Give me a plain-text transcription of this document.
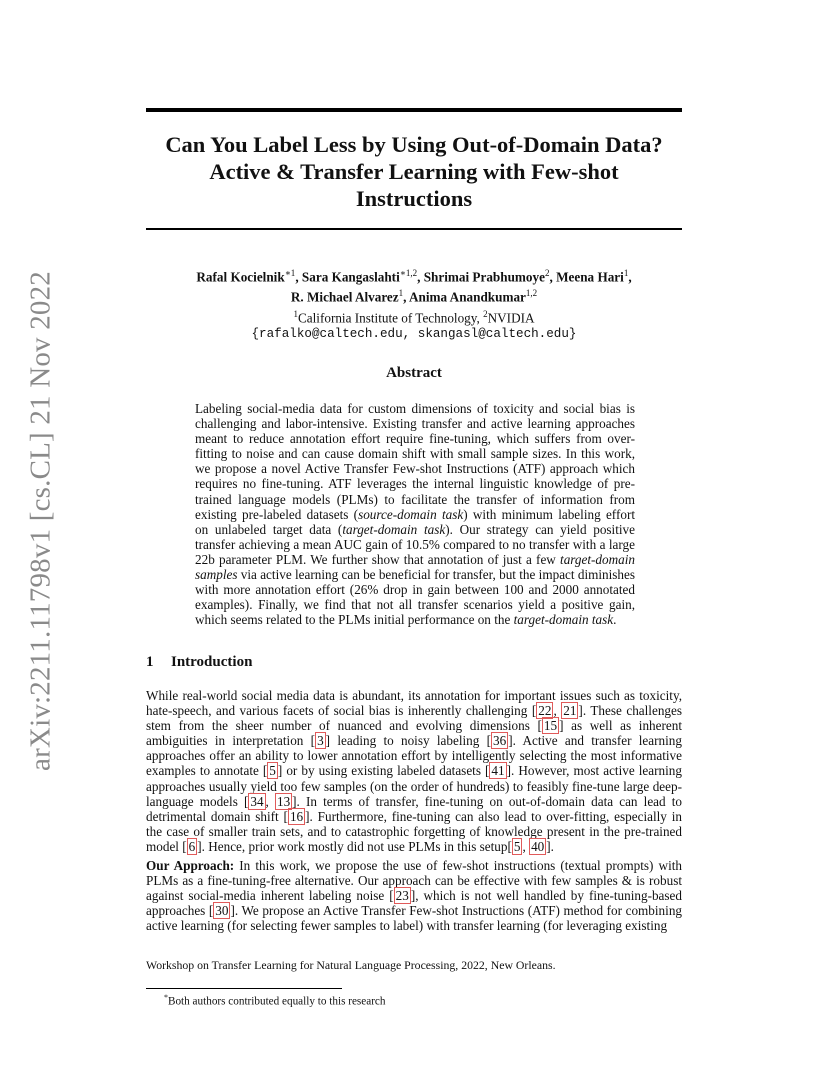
arXiv:2211.11798v1 [cs.CL] 21 Nov 2022
Can You Label Less by Using Out-of-Domain Data?
Active & Transfer Learning with Few-shot
Instructions
Rafal Kocielnik$^{∗1}$, Sara Kangaslahti$^{∗1,2}$, Shrimai Prabhumoye$^2$, Meena Hari$^1$,
R. Michael Alvarez$^1$, Anima Anandkumar$^{1,2}$
$^1$California Institute of Technology, $^2$NVIDIA
{rafalko@caltech.edu, skangasl@caltech.edu}
Abstract
Labeling social-media data for custom dimensions of toxicity and social bias is challenging and labor-intensive. Existing transfer and active learning approaches meant to reduce annotation effort require fine-tuning, which suffers from over-fitting to noise and can cause domain shift with small sample sizes. In this work, we propose a novel Active Transfer Few-shot Instructions (ATF) approach which requires no fine-tuning. ATF leverages the internal linguistic knowledge of pre-trained language models (PLMs) to facilitate the transfer of information from existing pre-labeled datasets (source-domain task) with minimum labeling effort on unlabeled target data (target-domain task). Our strategy can yield positive transfer achieving a mean AUC gain of 10.5% compared to no transfer with a large 22b parameter PLM. We further show that annotation of just a few target-domain samples via active learning can be beneficial for transfer, but the impact diminishes with more annotation effort (26% drop in gain between 100 and 2000 annotated examples). Finally, we find that not all transfer scenarios yield a positive gain, which seems related to the PLMs initial performance on the target-domain task.
1 Introduction
While real-world social media data is abundant, its annotation for important issues such as toxicity, hate-speech, and various facets of social bias is inherently challenging [ 22 , 21 ]. These challenges stem from the sheer number of nuanced and evolving dimensions [ 15 ] as well as inherent ambiguities in interpretation [ 3 ] leading to noisy labeling [ 36 ]. Active and transfer learning approaches offer an ability to lower annotation effort by intelligently selecting the most informative examples to annotate [ 5 ] or by using existing labeled datasets [ 41 ]. However, most active learning approaches usually yield too few samples (on the order of hundreds) to feasibly fine-tune large deep-language models [ 34 , 13 ]. In terms of transfer, fine-tuning on out-of-domain data can lead to detrimental domain shift [ 16 ]. Furthermore, fine-tuning can also lead to over-fitting, especially in the case of smaller train sets, and to catastrophic forgetting of knowledge present in the pre-trained model [ 6 ]. Hence, prior work mostly did not use PLMs in this setup[ 5 , 40 ].
Our Approach: In this work, we propose the use of few-shot instructions (textual prompts) with PLMs as a fine-tuning-free alternative. Our approach can be effective with few samples & is robust against social-media inherent labeling noise [ 23 ], which is not well handled by fine-tuning-based approaches [ 30 ]. We propose an Active Transfer Few-shot Instructions (ATF) method for combining active learning (for selecting fewer samples to label) with transfer learning (for leveraging existing
Workshop on Transfer Learning for Natural Language Processing, 2022, New Orleans.
*Both authors contributed equally to this research
